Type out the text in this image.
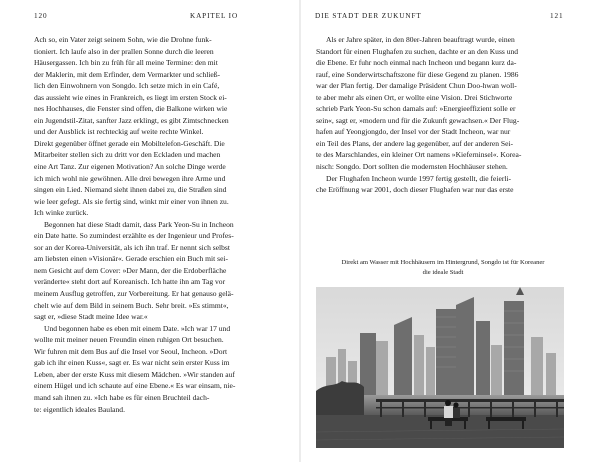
120	KAPITEL IO
Ach so, ein Vater zeigt seinem Sohn, wie die Drohne funk-
tioniert. Ich laufe also in der prallen Sonne durch die leeren
Häusergassen. Ich bin zu früh für all meine Termine: den mit
der Maklerin, mit dem Erfinder, dem Vermarkter und schließ-
lich den Einwohnern von Songdo. Ich setze mich in ein Café,
das aussieht wie eines in Frankreich, es liegt im ersten Stock ei-
nes Hochhauses, die Fenster sind offen, die Balkone wirken wie
ein Jugendstil-Zitat, sanfter Jazz erklingt, es gibt Zimtschnecken
und der Ausblick ist rechteckig auf weite rechte Winkel.
Direkt gegenüber öffnet gerade ein Mobiltelefon-Geschäft. Die
Mitarbeiter stellen sich zu dritt vor den Eckladen und machen
eine Art Tanz. Zur eigenen Motivation? An solche Dinge werde
ich mich wohl nie gewöhnen. Alle drei bewegen ihre Arme und
singen ein Lied. Niemand sieht ihnen dabei zu, die Straßen sind
wie leer gefegt. Als sie fertig sind, winkt mir einer von ihnen zu.
Ich winke zurück.
Begonnen hat diese Stadt damit, dass Park Yeon-Su in Incheon
ein Date hatte. So zumindest erzählte es der Ingenieur und Profes-
sor an der Korea-Universität, als ich ihn traf. Er nennt sich selbst
am liebsten einen »Visionär«. Gerade erschien ein Buch mit sei-
nem Gesicht auf dem Cover: »Der Mann, der die Erdoberfläche
veränderte« steht dort auf Koreanisch. Ich hatte ihn am Tag vor
meinem Ausflug getroffen, zur Vorbereitung. Er hat genauso gelä-
chelt wie auf dem Bild in seinem Buch. Sehr breit. »Es stimmt«,
sagt er, »diese Stadt meine Idee war.«
Und begonnen habe es eben mit einem Date. »Ich war 17 und
wollte mit meiner neuen Freundin einen ruhigen Ort besuchen.
Wir fuhren mit dem Bus auf die Insel vor Seoul, Incheon. »Dort
gab ich ihr einen Kuss«, sagt er. Es war nicht sein erster Kuss im
Leben, aber der erste Kuss mit diesem Mädchen. »Wir standen auf
einem Hügel und ich schaute auf eine Ebene.« Es war einsam, nie-
mand sah ihnen zu. »Ich habe es für einen Bruchteil dach-
te: eigentlich ideales Bauland.
DIE STADT DER ZUKUNFT	121
Als er Jahre später, in den 80er-Jahren beauftragt wurde, einen
Standort für einen Flughafen zu suchen, dachte er an den Kuss und
die Ebene. Er fuhr noch einmal nach Incheon und begann kurz da-
rauf, eine Sonderwirtschaftszone für diese Gegend zu planen. 1986
war der Plan fertig. Der damalige Präsident Chun Doo-hwan woll-
te aber mehr als einen Ort, er wollte eine Vision. Drei Stichworte
schrieb Park Yeon-Su schon damals auf: »Energieeffizient solle er
sein«, sagt er, »modern und für die Zukunft gewachsen.« Der Flug-
hafen auf Yeongjongdo, der Insel vor der Stadt Incheon, war nur
ein Teil des Plans, der andere lag gegenüber, auf der anderen Sei-
te des Marschlandes, ein kleiner Ort namens »Kieferninsel«. Korea-
nisch: Songdo. Dort sollten die modernsten Hochhäuser stehen.
Der Flughafen Incheon wurde 1997 fertig gestellt, die feierli-
che Eröffnung war 2001, doch dieser Flughafen war nur das erste
Direkt am Wasser mit Hochhäusern im Hintergrund, Songdo ist für Koreaner die ideale Stadt
